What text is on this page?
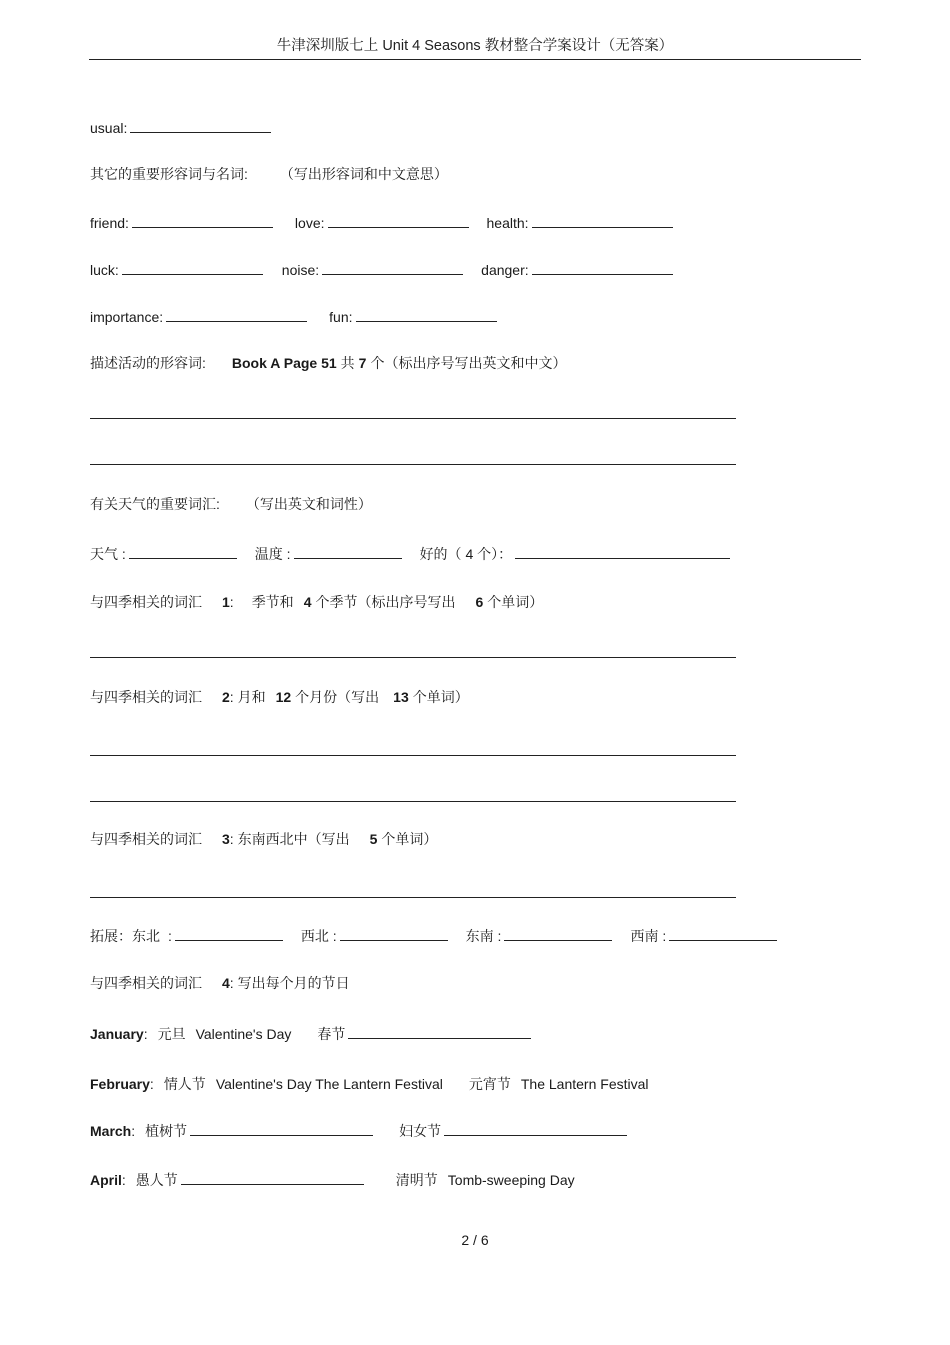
牛津深圳版七上 Unit 4 Seasons 教材整合学案设计（无答案）
usual:
其它的重要形容词与名词: （写出形容词和中文意思）
friend:	love:	health:
luck:	noise:	danger:
importance:	fun:
描述活动的形容词: Book A Page 51 共 7 个（标出序号写出英文和中文）
有关天气的重要词汇: （写出英文和词性）
天气 :	温度 :	好的（ 4 个）：
与四季相关的词汇 1: 季节和 4 个季节（标出序号写出 6 个单词）
与四季相关的词汇 2: 月和 12 个月份（写出 13 个单词）
与四季相关的词汇 3: 东南西北中（写出 5 个单词）
拓展：东北 :	西北 :	东南 :	西南 :
与四季相关的词汇 4: 写出每个月的节日
January: 元旦 Valentine's Day 春节
February: 情人节 Valentine's Day The Lantern Festival 元宵节 The Lantern Festival
March: 植树节	妇女节
April: 愚人节	清明节 Tomb-sweeping Day
2 / 6
